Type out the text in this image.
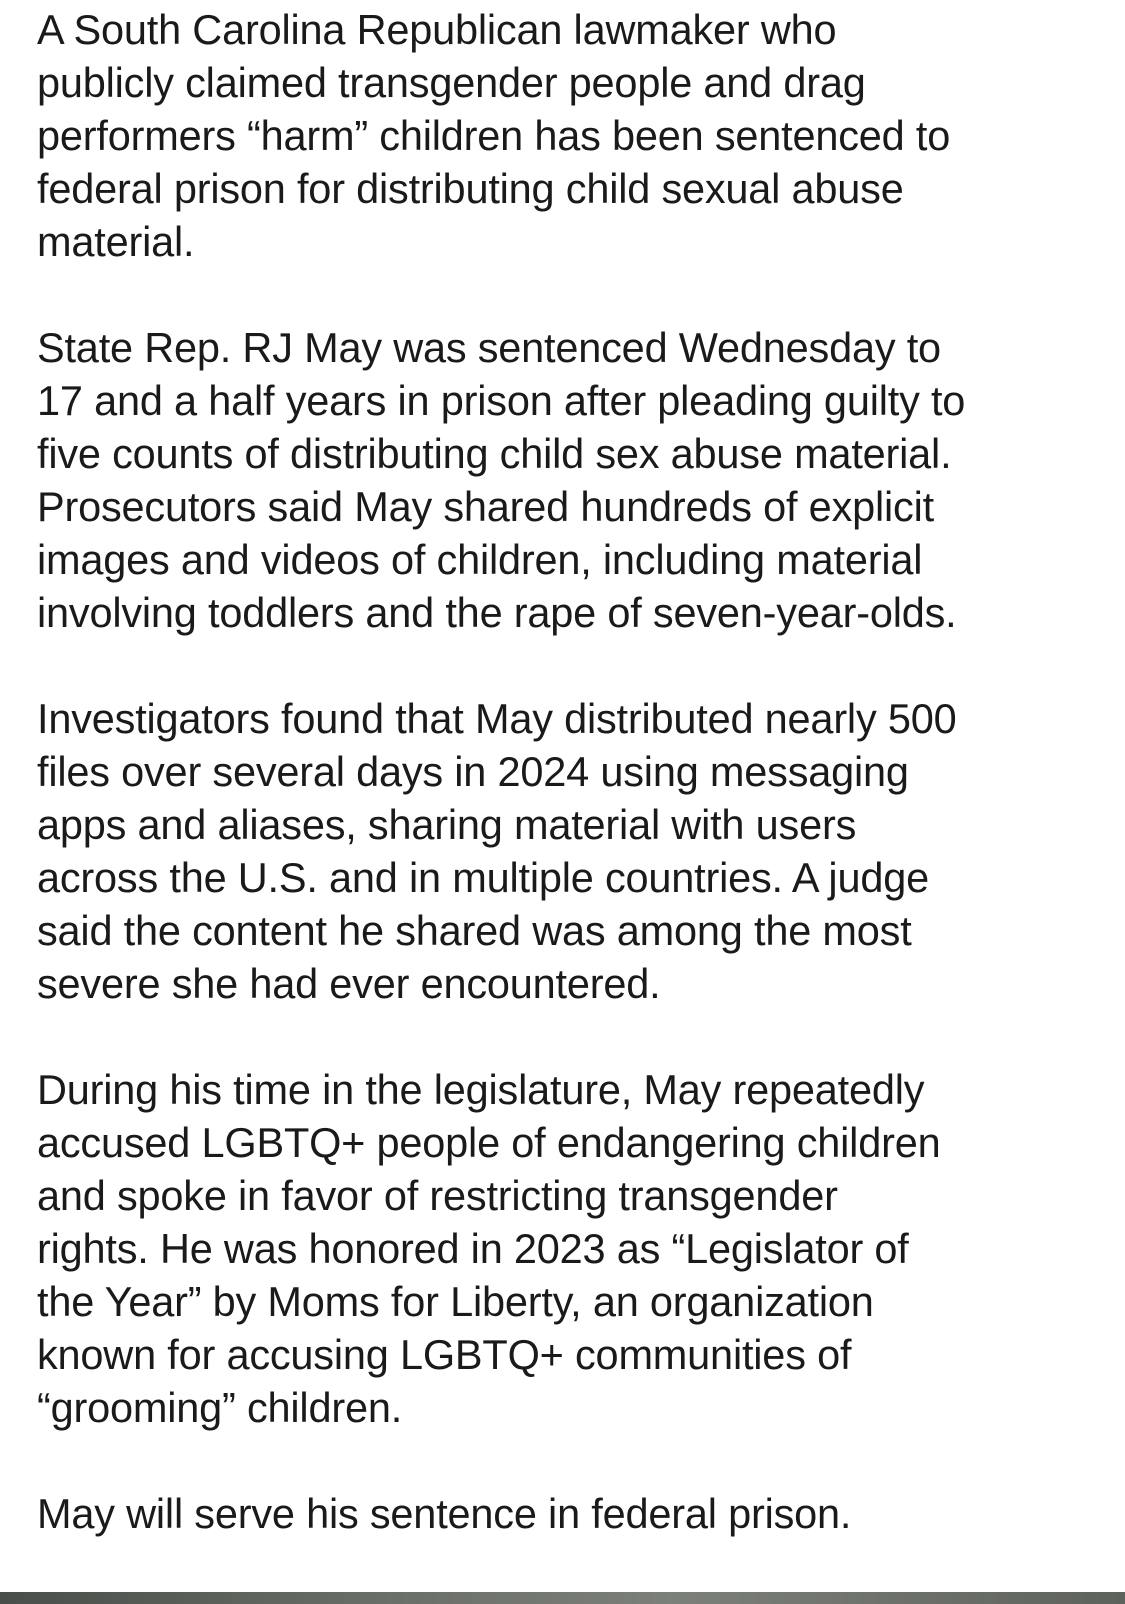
A South Carolina Republican lawmaker who
publicly claimed transgender people and drag
performers “harm” children has been sentenced to
federal prison for distributing child sexual abuse
material.

State Rep. RJ May was sentenced Wednesday to
17 and a half years in prison after pleading guilty to
five counts of distributing child sex abuse material.
Prosecutors said May shared hundreds of explicit
images and videos of children, including material
involving toddlers and the rape of seven-year-olds.

Investigators found that May distributed nearly 500
files over several days in 2024 using messaging
apps and aliases, sharing material with users
across the U.S. and in multiple countries. A judge
said the content he shared was among the most
severe she had ever encountered.

During his time in the legislature, May repeatedly
accused LGBTQ+ people of endangering children
and spoke in favor of restricting transgender
rights. He was honored in 2023 as “Legislator of
the Year” by Moms for Liberty, an organization
known for accusing LGBTQ+ communities of
“grooming” children.

May will serve his sentence in federal prison.
